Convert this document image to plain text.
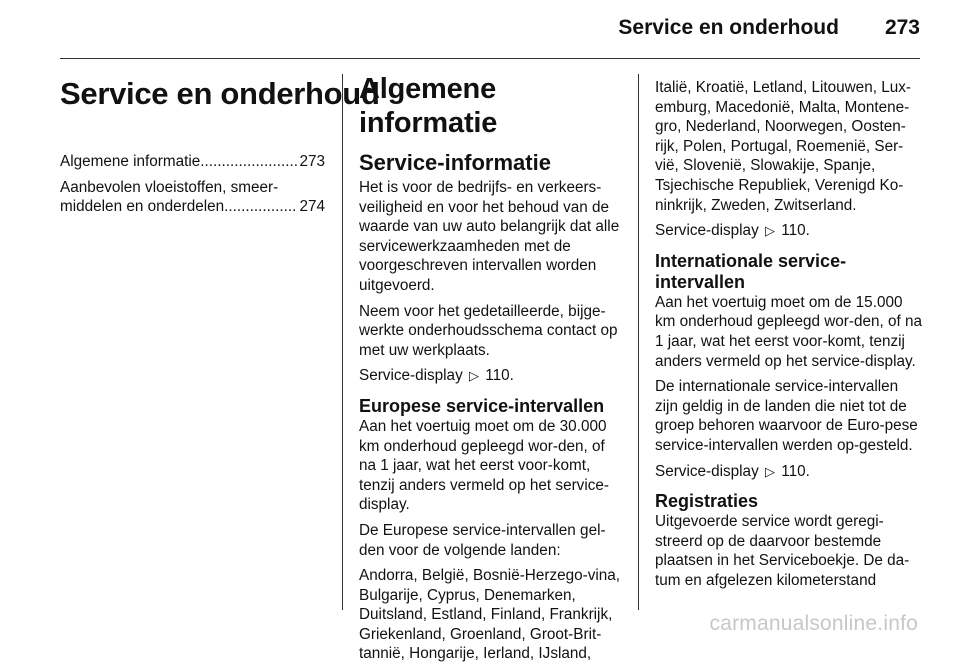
Service en onderhoud 273
Service en onderhoud
Algemene informatie .....	273
Aanbevolen vloeistoffen, smeer-
middelen en onderdelen .....	274
Algemene informatie
Service-informatie

Het is voor de bedrijfs- en verkeers-veiligheid en voor het behoud van de waarde van uw auto belangrijk dat alle servicewerkzaamheden met de voorgeschreven intervallen worden uitgevoerd.

Neem voor het gedetailleerde, bijge-werkte onderhoudsschema contact op met uw werkplaats.

Service-display ▷ 110.

Europese service-intervallen

Aan het voertuig moet om de 30.000 km onderhoud gepleegd wor-den, of na 1 jaar, wat het eerst voor-komt, tenzij anders vermeld op het service-display.

De Europese service-intervallen gel-den voor de volgende landen:

Andorra, België, Bosnië-Herzego-vina, Bulgarije, Cyprus, Denemarken, Duitsland, Estland, Finland, Frankrijk, Griekenland, Groenland, Groot-Brit-tannië, Hongarije, Ierland, IJsland,

Italië, Kroatië, Letland, Litouwen, Lux-emburg, Macedonië, Malta, Montene-gro, Nederland, Noorwegen, Oosten-rijk, Polen, Portugal, Roemenië, Ser-vië, Slovenië, Slowakije, Spanje, Tsjechische Republiek, Verenigd Ko-ninkrijk, Zweden, Zwitserland.

Service-display ▷ 110.

Internationale service-
intervallen

Aan het voertuig moet om de 15.000 km onderhoud gepleegd wor-den, of na 1 jaar, wat het eerst voor-komt, tenzij anders vermeld op het service-display.

De internationale service-intervallen zijn geldig in de landen die niet tot de groep behoren waarvoor de Euro-pese service-intervallen werden op-gesteld.

Service-display ▷ 110.

Registraties

Uitgevoerde service wordt geregi-streerd op de daarvoor bestemde plaatsen in het Serviceboekje. De da-tum en afgelezen kilometerstand

carmanualsonline.info
